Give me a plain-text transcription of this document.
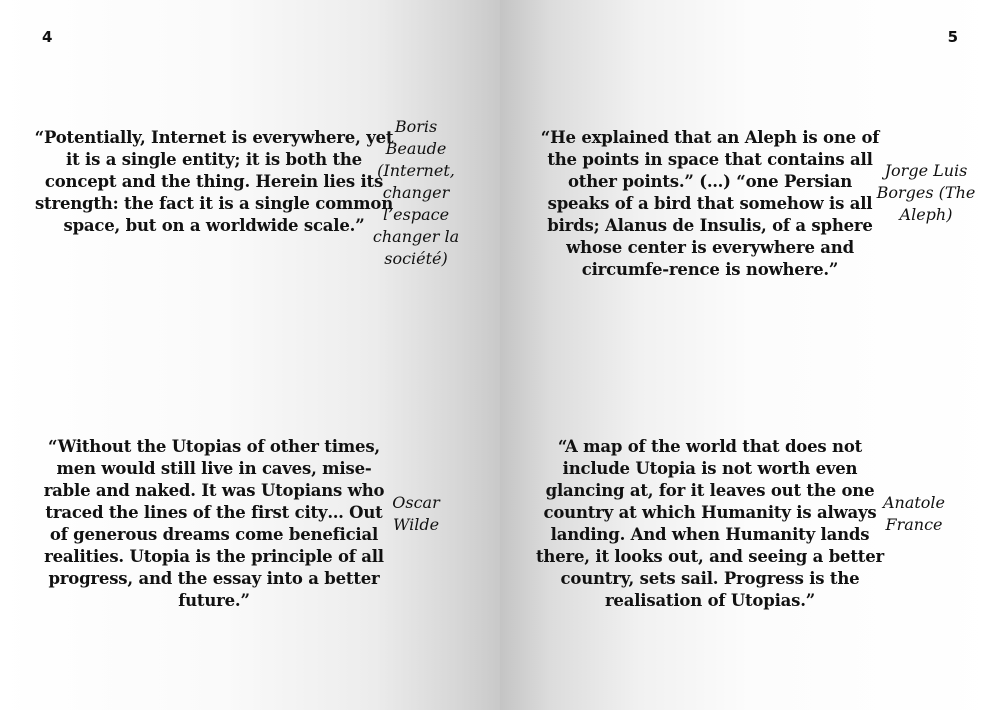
4
“Potentially, Internet is everywhere, yet it is a single entity; it is both the concept and the thing. Herein lies its strength: the fact it is a single common space, but on a worldwide scale.”
Boris Beaude (Internet, changer l’espace changer la société)
“Without the Utopias of other times, men would still live in caves, mise-rable and naked. It was Utopians who traced the lines of the first city… Out of generous dreams come beneficial realities. Utopia is the principle of all progress, and the essay into a better future.”
Oscar Wilde
5
“He explained that an Aleph is one of the points in space that contains all other points.” (…) “one Persian speaks of a bird that somehow is all birds; Alanus de Insulis, of a sphere whose center is everywhere and circumfe-rence is nowhere.”
Jorge Luis Borges (The Aleph)
“A map of the world that does not include Utopia is not worth even glancing at, for it leaves out the one country at which Humanity is always landing. And when Humanity lands there, it looks out, and seeing a better country, sets sail. Progress is the realisation of Utopias.”
Anatole France
